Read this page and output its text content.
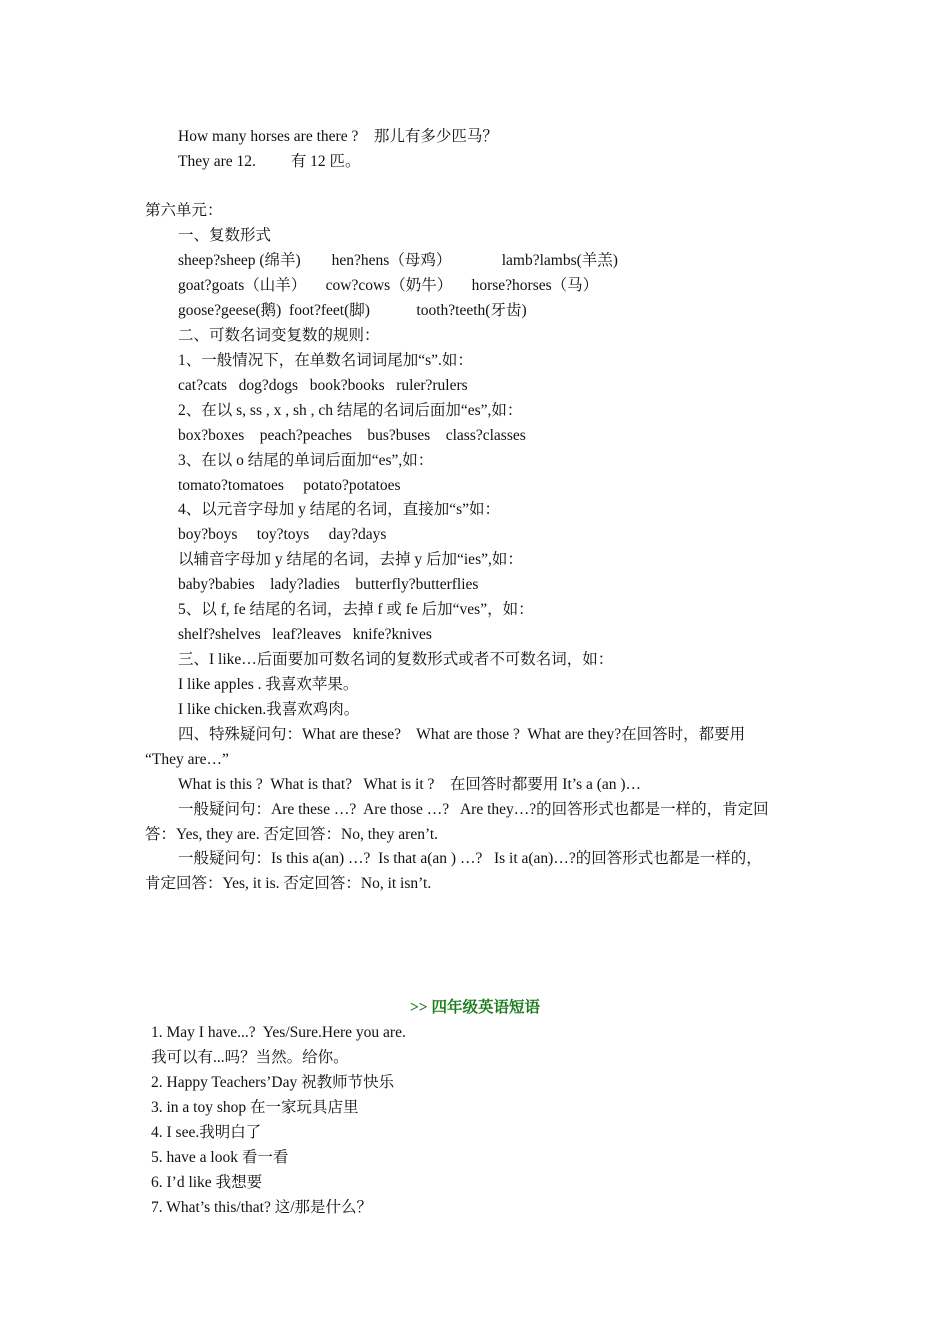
How many horses are there ?    那儿有多少匹马？
They are 12.         有 12 匹。
第六单元：
一、复数形式
sheep?sheep (绵羊)        hen?hens（母鸡）             lamb?lambs(羊羔)
goat?goats（山羊）     cow?cows（奶牛）     horse?horses（马）
goose?geese(鹅)  foot?feet(脚)            tooth?teeth(牙齿)
二、可数名词变复数的规则：
1、一般情况下，在单数名词词尾加“s”.如：
cat?cats   dog?dogs   book?books   ruler?rulers
2、在以 s, ss , x , sh , ch 结尾的名词后面加“es”,如：
box?boxes    peach?peaches    bus?buses    class?classes
3、在以 o 结尾的单词后面加“es”,如：
tomato?tomatoes     potato?potatoes
4、以元音字母加 y 结尾的名词，直接加“s”如：
boy?boys     toy?toys     day?days
以辅音字母加 y 结尾的名词，去掉 y 后加“ies”,如：
baby?babies    lady?ladies    butterfly?butterflies
5、以 f, fe 结尾的名词，去掉 f 或 fe 后加“ves”，如：
shelf?shelves   leaf?leaves   knife?knives
三、I like…后面要加可数名词的复数形式或者不可数名词，如：
I like apples . 我喜欢苹果。
I like chicken.我喜欢鸡肉。
四、特殊疑问句：What are these?    What are those ?  What are they?在回答时，都要用
“They are…”
What is this ?  What is that?   What is it ?    在回答时都要用 It’s a (an )…
一般疑问句：Are these …?  Are those …?   Are they…?的回答形式也都是一样的，肯定回
答：Yes, they are. 否定回答：No, they aren’t.
一般疑问句：Is this a(an) …?  Is that a(an ) …?   Is it a(an)…?的回答形式也都是一样的，
肯定回答：Yes, it is. 否定回答：No, it isn’t.
>> 四年级英语短语
1. May I have...?  Yes/Sure.Here you are.
我可以有...吗？当然。给你。
2. Happy Teachers’Day 祝教师节快乐
3. in a toy shop 在一家玩具店里
4. I see.我明白了
5. have a look 看一看
6. I’d like 我想要
7. What’s this/that? 这/那是什么？
